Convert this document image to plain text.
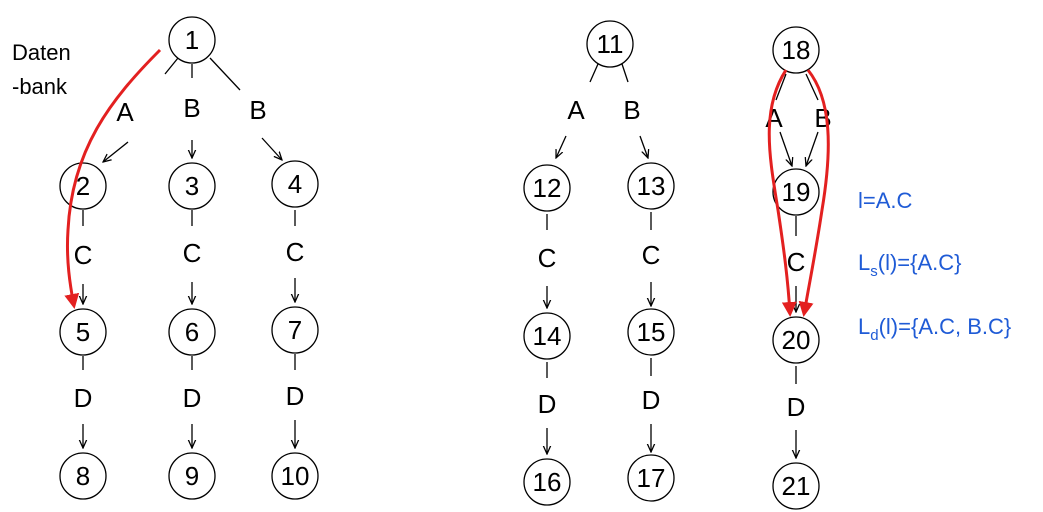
Daten
-bank
A B B
C	C	C
D	D	D
A B
C	C
D	D
A B
C
D
1
2	3	4
5	6	7
8	9	10
11
12	13
14	15
16	17
18
19
20
21
l=A.C
$L_s(l)=\{A.C\}$
$L_d(l)=\{A.C$, B.C}
